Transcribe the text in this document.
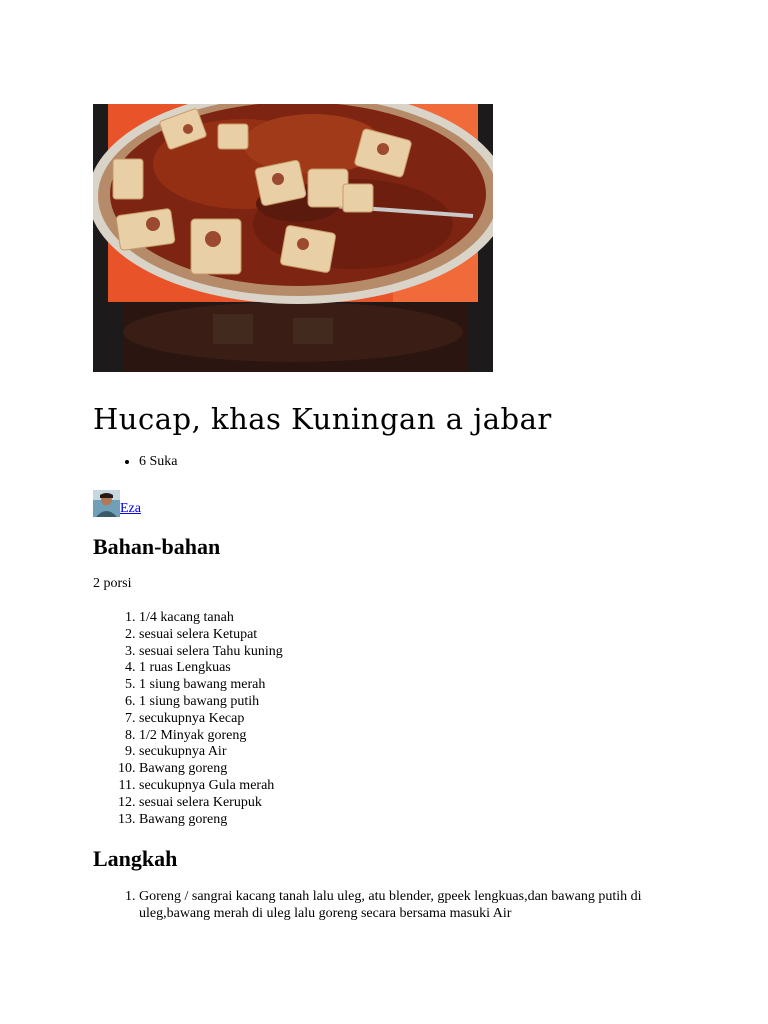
Hucap, khas Kuningan a jabar
• 6 Suka
Eza
Bahan-bahan

2 porsi

1. 1/4 kacang tanah
2. sesuai selera Ketupat
3. sesuai selera Tahu kuning
4. 1 ruas Lengkuas
5. 1 siung bawang merah
6. 1 siung bawang putih
7. secukupnya Kecap
8. 1/2 Minyak goreng
9. secukupnya Air
10. Bawang goreng
11. secukupnya Gula merah
12. sesuai selera Kerupuk
13. Bawang goreng
Langkah
1. Goreng / sangrai kacang tanah lalu uleg, atu blender, gpeek lengkuas,dan bawang putih di uleg,bawang merah di uleg lalu goreng secara bersama masuki Air
